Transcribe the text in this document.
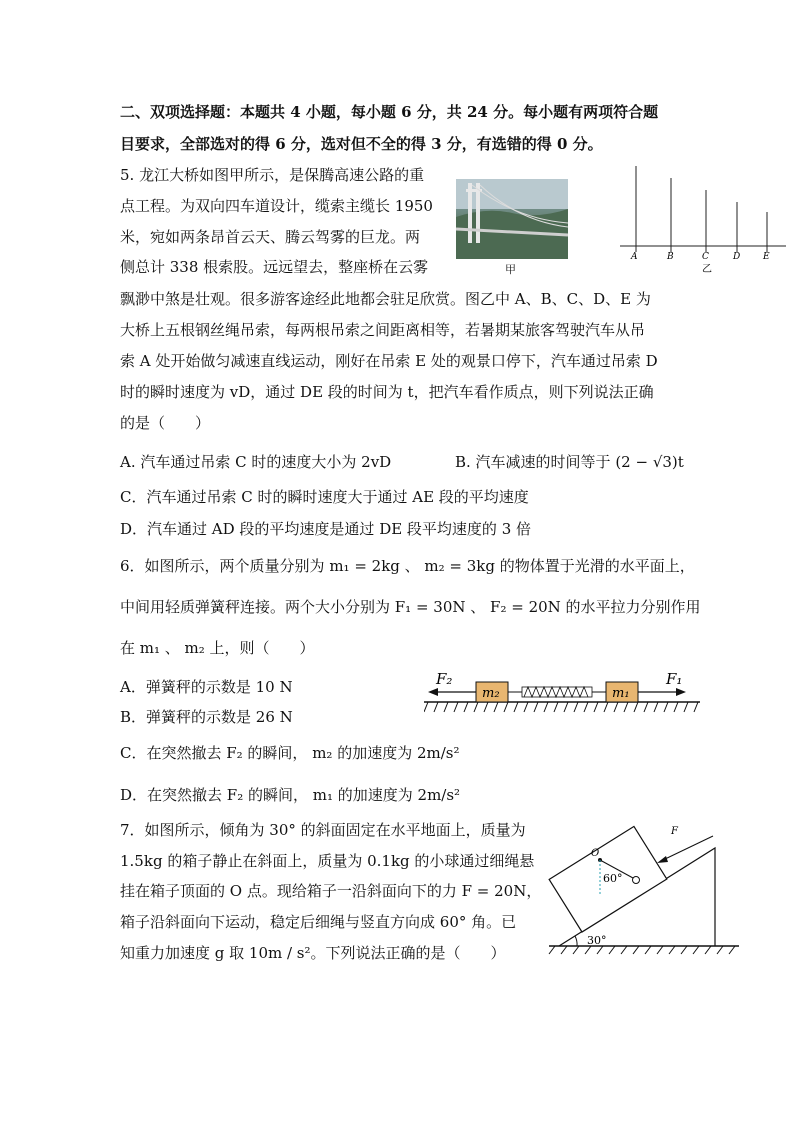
二、双项选择题：本题共 4 小题，每小题 6 分，共 24 分。每小题有两项符合题
目要求，全部选对的得 6 分，选对但不全的得 3 分，有选错的得 0 分。
5. 龙江大桥如图甲所示，是保腾高速公路的重
点工程。为双向四车道设计，缆索主缆长 1950
米，宛如两条昂首云天、腾云驾雾的巨龙。两
侧总计 338 根索股。远远望去，整座桥在云雾
飘渺中煞是壮观。很多游客途经此地都会驻足欣赏。图乙中 A、B、C、D、E 为
大桥上五根钢丝绳吊索，每两根吊索之间距离相等，若暑期某旅客驾驶汽车从吊
索 A 处开始做匀减速直线运动，刚好在吊索 E 处的观景口停下，汽车通过吊索 D
时的瞬时速度为 vD，通过 DE 段的时间为 t，把汽车看作质点，则下列说法正确
的是（　　）
甲
A	B	C	D	E
乙
A. 汽车通过吊索 C 时的速度大小为 2vD	B. 汽车减速的时间等于 (2 − √3)t
C．汽车通过吊索 C 时的瞬时速度大于通过 AE 段的平均速度
D．汽车通过 AD 段的平均速度是通过 DE 段平均速度的 3 倍
6．如图所示，两个质量分别为 m₁ = 2kg 、 m₂ = 3kg 的物体置于光滑的水平面上，
中间用轻质弹簧秤连接。两个大小分别为 F₁ = 30N 、 F₂ = 20N 的水平拉力分别作用
在 m₁ 、 m₂ 上，则（　　）
A．弹簧秤的示数是 10 N
B．弹簧秤的示数是 26 N
C．在突然撤去 F₂ 的瞬间， m₂ 的加速度为 2m/s²
D．在突然撤去 F₂ 的瞬间， m₁ 的加速度为 2m/s²
m₂	m₁
F₂	F₁
7．如图所示，倾角为 30° 的斜面固定在水平地面上，质量为
1.5kg 的箱子静止在斜面上，质量为 0.1kg 的小球通过细绳悬
挂在箱子顶面的 O 点。现给箱子一沿斜面向下的力 F = 20N，
箱子沿斜面向下运动，稳定后细绳与竖直方向成 60° 角。已
知重力加速度 g 取 10m / s²。下列说法正确的是（　　）
O
60°
F
30°
